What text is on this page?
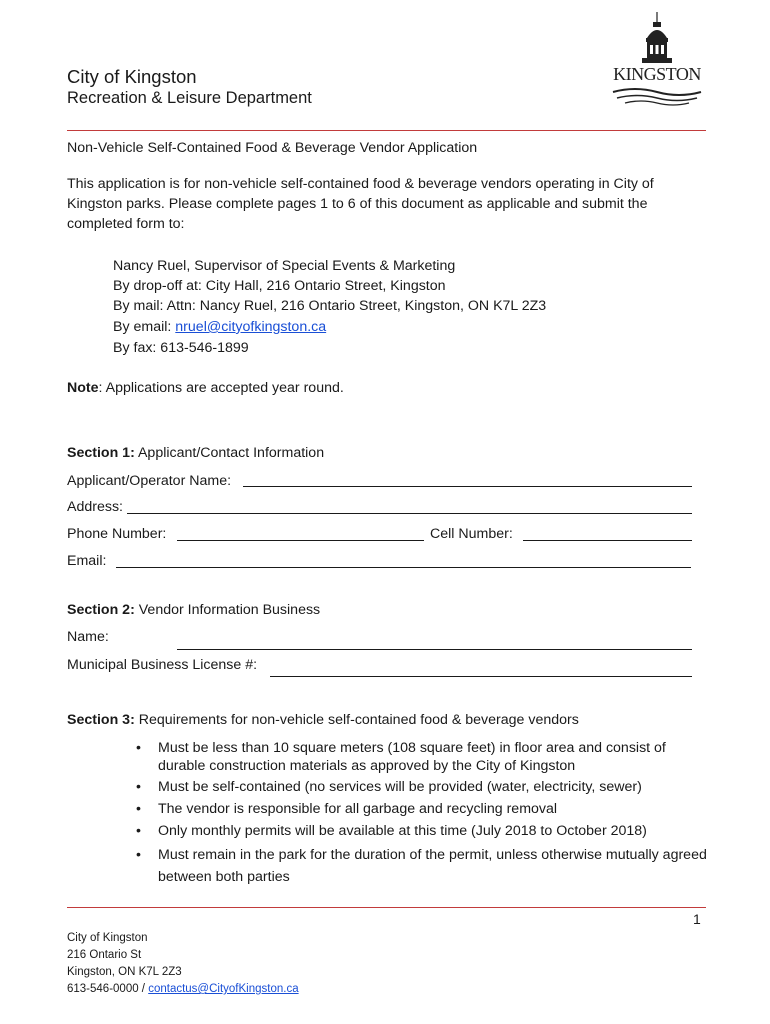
City of Kingston
Recreation & Leisure Department
KINGSTON
Non-Vehicle Self-Contained Food & Beverage Vendor Application
This application is for non-vehicle self-contained food & beverage vendors operating in City of Kingston parks. Please complete pages 1 to 6 of this document as applicable and submit the completed form to:
Nancy Ruel, Supervisor of Special Events & Marketing
By drop-off at: City Hall, 216 Ontario Street, Kingston
By mail: Attn: Nancy Ruel, 216 Ontario Street, Kingston, ON K7L 2Z3
By email: nruel@cityofkingston.ca
By fax: 613-546-1899
Note: Applications are accepted year round.
Section 1: Applicant/Contact Information
Applicant/Operator Name:
Address:
Phone Number:	Cell Number:
Email:
Section 2: Vendor Information Business
Name:
Municipal Business License #:
Section 3: Requirements for non-vehicle self-contained food & beverage vendors
• Must be less than 10 square meters (108 square feet) in floor area and consist of durable construction materials as approved by the City of Kingston
• Must be self-contained (no services will be provided (water, electricity, sewer)
• The vendor is responsible for all garbage and recycling removal
• Only monthly permits will be available at this time (July 2018 to October 2018)
• Must remain in the park for the duration of the permit, unless otherwise mutually agreed between both parties
1
City of Kingston
216 Ontario St
Kingston, ON K7L 2Z3
613-546-0000 / contactus@CityofKingston.ca
